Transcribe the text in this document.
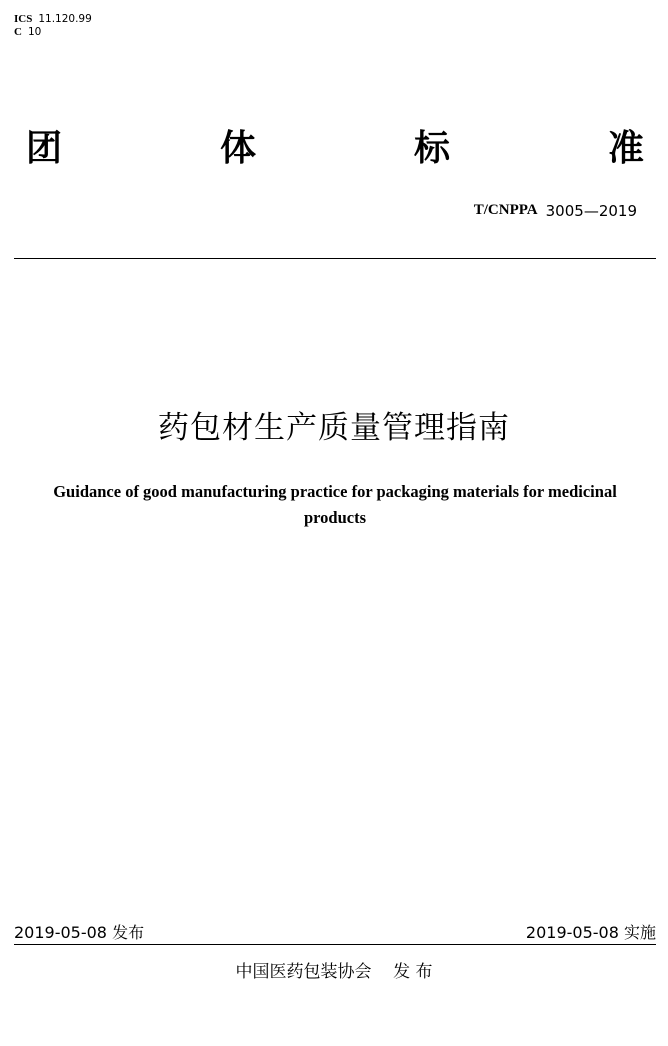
ICS 11.120.99
C 10
团	体	标	准
T/CNPPA 3005—2019
药包材生产质量管理指南
Guidance of good manufacturing practice for packaging materials for medicinal products
2019-05-08 发布	2019-05-08 实施
中国医药包装协会    发 布
